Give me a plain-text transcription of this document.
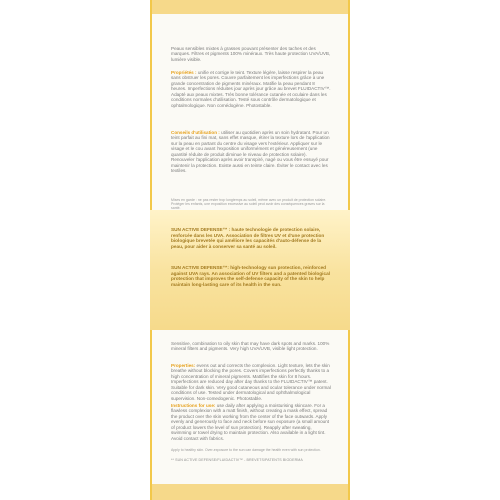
Peaux sensibles mixtes à grasses pouvant présenter des taches et des marques. Filtres et pigments 100% minéraux. Très haute protection UVA/UVB, lumière visible.
Propriétés : unifie et corrige le teint. Texture légère, laisse respirer la peau sans obstruer les pores. Couvre parfaitement les imperfections grâce à une grande concentration de pigments minéraux. Matifie la peau pendant 8 heures. Imperfections réduites jour après jour grâce au brevet FLUIDACTIV™. Adapté aux peaux mixtes. Très bonne tolérance cutanée et oculaire dans les conditions normales d'utilisation. Testé sous contrôle dermatologique et ophtalmologique. Non comédogène. Photostable.
Conseils d'utilisation : utiliser au quotidien après un soin hydratant. Pour un teint parfait au fini mat, sans effet masque, étirer la texture lors de l'application sur la peau en partant du centre du visage vers l'extérieur. Appliquer sur le visage et le cou avant l'exposition uniformément et généreusement (une quantité réduite de produit diminue le niveau de protection solaire). Renouveler l'application après avoir transpiré, nagé ou vous être essuyé pour maintenir la protection. Existe aussi en teinte claire. Éviter le contact avec les textiles.
Mises en garde : ne pas rester trop longtemps au soleil, même avec un produit de protection solaire. Protéger les enfants, une exposition excessive au soleil peut avoir des conséquences graves sur la santé.
SUN ACTIVE DEFENSE™ : haute technologie de protection solaire, renforcée dans les UVA. Association de filtres UV et d'une protection biologique brevetée qui améliore les capacités d'auto-défense de la peau, pour aider à conserver sa santé au soleil.
SUN ACTIVE DEFENSE™: high-technology sun protection, reinforced against UVA rays. An association of UV filters and a patented biological protection that improves the self-defense capacity of the skin to help maintain long-lasting care of its health in the sun.
Sensitive, combination to oily skin that may have dark spots and marks. 100% mineral filters and pigments. Very high UVA/UVB, visible light protection.
Properties: evens out and corrects the complexion. Light texture, lets the skin breathe without blocking the pores. Covers imperfections perfectly thanks to a high concentration of mineral pigments. Mattifies the skin for 8 hours. Imperfections are reduced day after day thanks to the FLUIDACTIV™ patent. Suitable for dark skin. Very good cutaneous and ocular tolerance under normal conditions of use. Tested under dermatological and ophthalmological supervision. Non-comedogenic. Photostable.
Instructions for use: use daily after applying a moisturising skincare. For a flawless complexion with a matt finish, without creating a mask effect, spread the product over the skin working from the center of the face outwards. Apply evenly and generously to face and neck before sun exposure (a small amount of product lowers the level of sun protection). Reapply after sweating, swimming or towel drying to maintain protection. Also available in a light tint. Avoid contact with fabrics.
Apply to healthy skin. Over-exposure to the sun can damage the health even with sun protection.
** SUN ACTIVE DEFENSE/FLUIDACTIV™ - BREVETS/PATENTS BIODERMA
